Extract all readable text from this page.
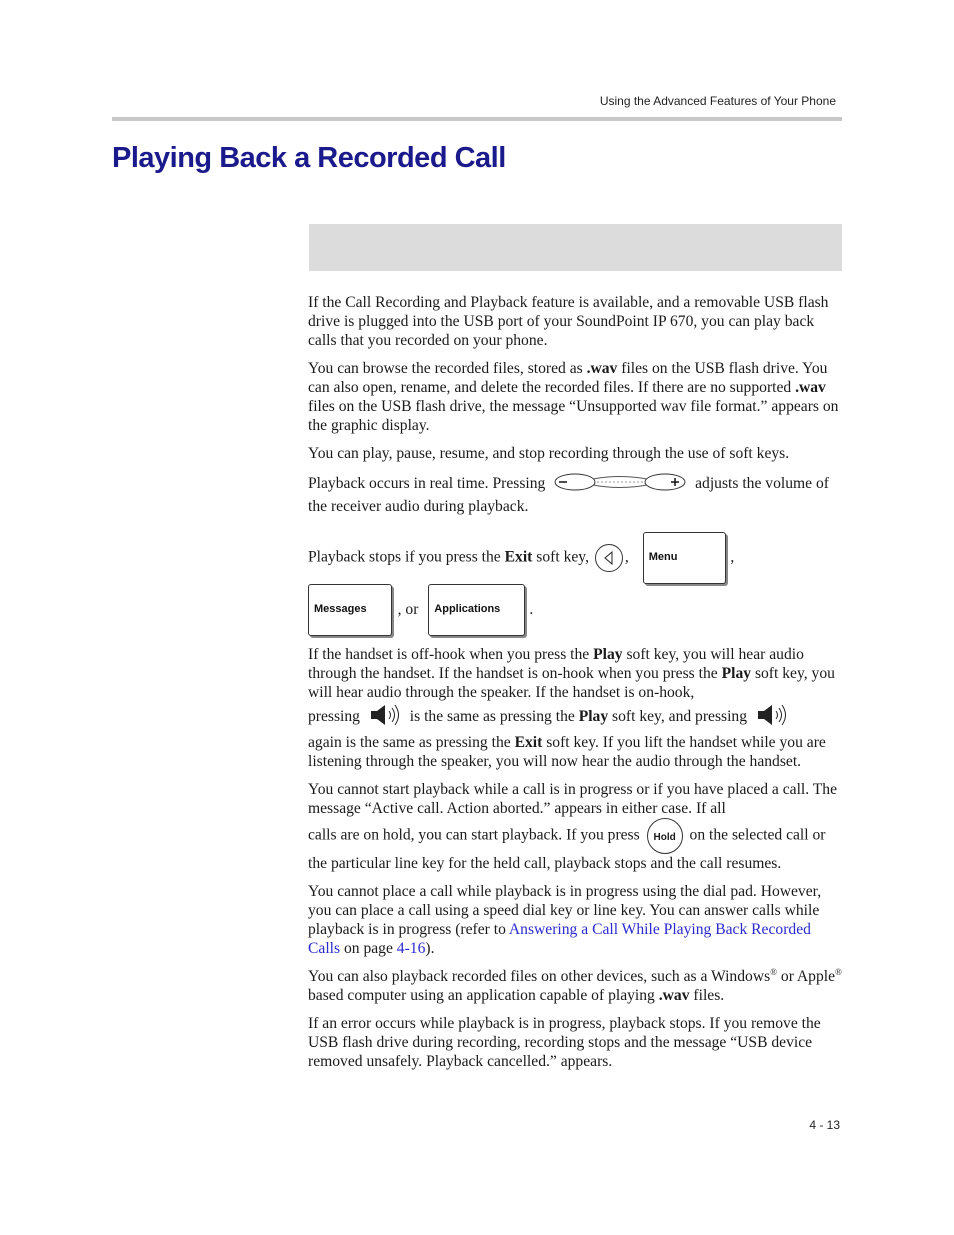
Using the Advanced Features of Your Phone
Playing Back a Recorded Call

If the Call Recording and Playback feature is available, and a removable USB flash drive is plugged into the USB port of your SoundPoint IP 670, you can play back calls that you recorded on your phone.

You can browse the recorded files, stored as .wav files on the USB flash drive. You can also open, rename, and delete the recorded files. If there are no supported .wav files on the USB flash drive, the message “Unsupported wav file format.” appears on the graphic display.

You can play, pause, resume, and stop recording through the use of soft keys.

Playback occurs in real time. Pressing	adjusts the volume of the receiver audio during playback.

Playback stops if you press the Exit soft key, , Menu	,
Messages , or Applications .

If the handset is off-hook when you press the Play soft key, you will hear audio through the handset. If the handset is on-hook when you press the Play soft key, you will hear audio through the speaker. If the handset is on-hook,
pressing	is the same as pressing the Play soft key, and pressing
again is the same as pressing the Exit soft key. If you lift the handset while you are listening through the speaker, you will now hear the audio through the handset.

You cannot start playback while a call is in progress or if you have placed a call. The message “Active call. Action aborted.” appears in either case. If all
calls are on hold, you can start playback. If you press Hold on the selected call or the particular line key for the held call, playback stops and the call resumes.

You cannot place a call while playback is in progress using the dial pad. However, you can place a call using a speed dial key or line key. You can answer calls while playback is in progress (refer to Answering a Call While Playing Back Recorded Calls on page 4-16).

You can also playback recorded files on other devices, such as a Windows® or Apple® based computer using an application capable of playing .wav files.

If an error occurs while playback is in progress, playback stops. If you remove the USB flash drive during recording, recording stops and the message “USB device removed unsafely. Playback cancelled.” appears.

4 - 13
